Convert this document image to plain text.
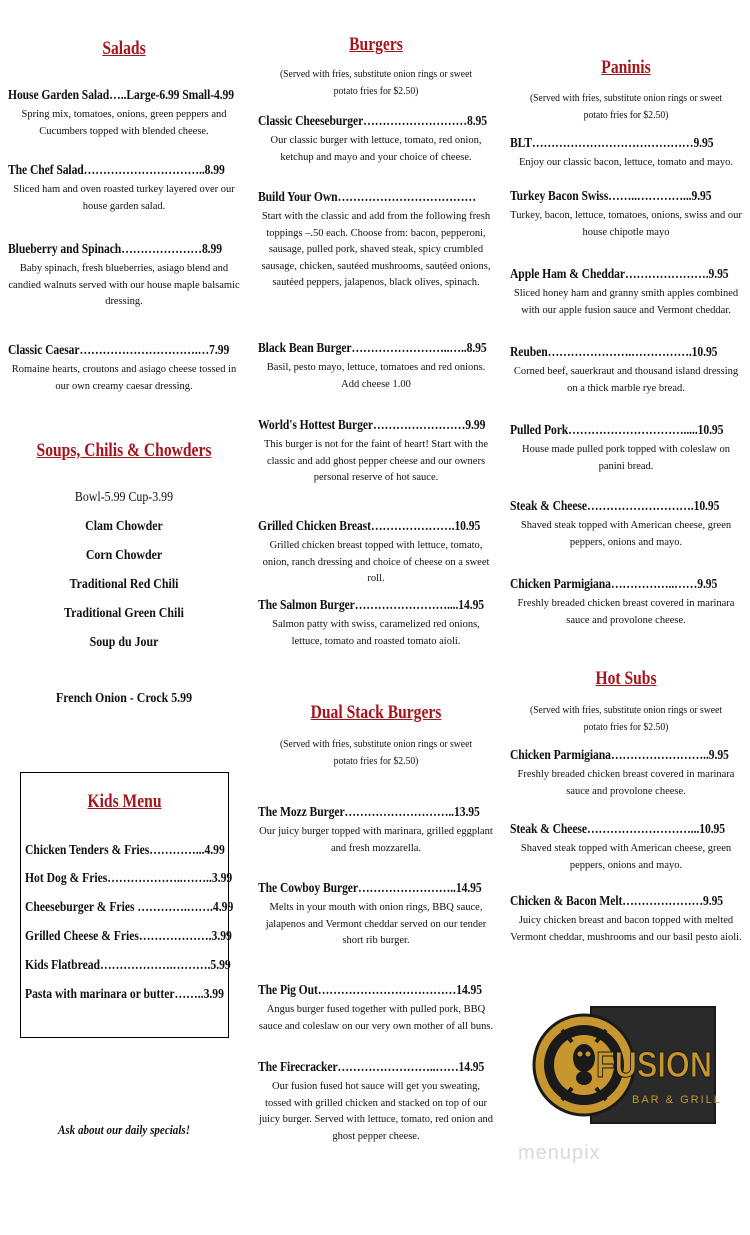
Salads
House Garden Salad…..Large-6.99 Small-4.99
Spring mix, tomatoes, onions, green peppers and Cucumbers topped with blended cheese.
The Chef Salad…………………………..8.99
Sliced ham and oven roasted turkey layered over our house garden salad.
Blueberry and Spinach…………………8.99
Baby spinach, fresh blueberries, asiago blend and candied walnuts served with our house maple balsamic dressing.
Classic Caesar………………………….…7.99
Romaine hearts, croutons and asiago cheese tossed in our own creamy caesar dressing.
Soups, Chilis & Chowders
Bowl-5.99 Cup-3.99
Clam Chowder
Corn Chowder
Traditional Red Chili
Traditional Green Chili
Soup du Jour
French Onion - Crock 5.99
Kids Menu
Chicken Tenders & Fries…………...4.99
Hot Dog & Fries………………..……..3.99
Cheeseburger & Fries ………….…….4.99
Grilled Cheese & Fries……………….3.99
Kids Flatbread……………….……….5.99
Pasta with marinara or butter……..3.99
Ask about our daily specials!
Burgers
(Served with fries, substitute onion rings or sweet potato fries for $2.50)
Classic Cheeseburger………………………8.95
Our classic burger with lettuce, tomato, red onion, ketchup and mayo and your choice of cheese.
Build Your Own………………………………
Start with the classic and add from the following fresh toppings –.50 each. Choose from: bacon, pepperoni, sausage, pulled pork, shaved steak, spicy crumbled sausage, chicken, sautéed mushrooms, sautéed onions, sautéed peppers, jalapenos, black olives, spinach.
Black Bean Burger……………………..…..8.95
Basil, pesto mayo, lettuce, tomatoes and red onions. Add cheese 1.00
World's Hottest Burger……………………9.99
This burger is not for the faint of heart! Start with the classic and add ghost pepper cheese and our owners personal reserve of hot sauce.
Grilled Chicken Breast………………….10.95
Grilled chicken breast topped with lettuce, tomato, onion, ranch dressing and choice of cheese on a sweet roll.
The Salmon Burger……………………....14.95
Salmon patty with swiss, caramelized red onions, lettuce, tomato and roasted tomato aioli.
Dual Stack Burgers
(Served with fries, substitute onion rings or sweet potato fries for $2.50)
The Mozz Burger………………………..13.95
Our juicy burger topped with marinara, grilled eggplant and fresh mozzarella.
The Cowboy Burger……………………..14.95
Melts in your mouth with onion rings, BBQ sauce, jalapenos and Vermont cheddar served on our tender short rib burger.
The Pig Out………………………………14.95
Angus burger fused together with pulled pork, BBQ sauce and coleslaw on our very own mother of all buns.
The Firecracker……………………..……14.95
Our fusion fused hot sauce will get you sweating, tossed with grilled chicken and stacked on top of our juicy burger. Served with lettuce, tomato, red onion and ghost pepper cheese.
Paninis
(Served with fries, substitute onion rings or sweet potato fries for $2.50)
BLT……………………………………9.95
Enjoy our classic bacon, lettuce, tomato and mayo.
Turkey Bacon Swiss……..…………...9.95
Turkey, bacon, lettuce, tomatoes, onions, swiss and our house chipotle mayo
Apple Ham & Cheddar………………….9.95
Sliced honey ham and granny smith apples combined with our apple fusion sauce and Vermont cheddar.
Reuben………………….…………….10.95
Corned beef, sauerkraut and thousand island dressing on a thick marble rye bread.
Pulled Pork………………………….....10.95
House made pulled pork topped with coleslaw on panini bread.
Steak & Cheese……………………….10.95
Shaved steak topped with American cheese, green peppers, onions and mayo.
Chicken Parmigiana……………..……9.95
Freshly breaded chicken breast covered in marinara sauce and provolone cheese.
Hot Subs
(Served with fries, substitute onion rings or sweet potato fries for $2.50)
Chicken Parmigiana……………………..9.95
Freshly breaded chicken breast covered in marinara sauce and provolone cheese.
Steak & Cheese………………………...10.95
Shaved steak topped with American cheese, green peppers, onions and mayo.
Chicken & Bacon Melt…………………9.95
Juicy chicken breast and bacon topped with melted Vermont cheddar, mushrooms and our basil pesto aioli.
FUSION
BAR & GRILL
menupix
